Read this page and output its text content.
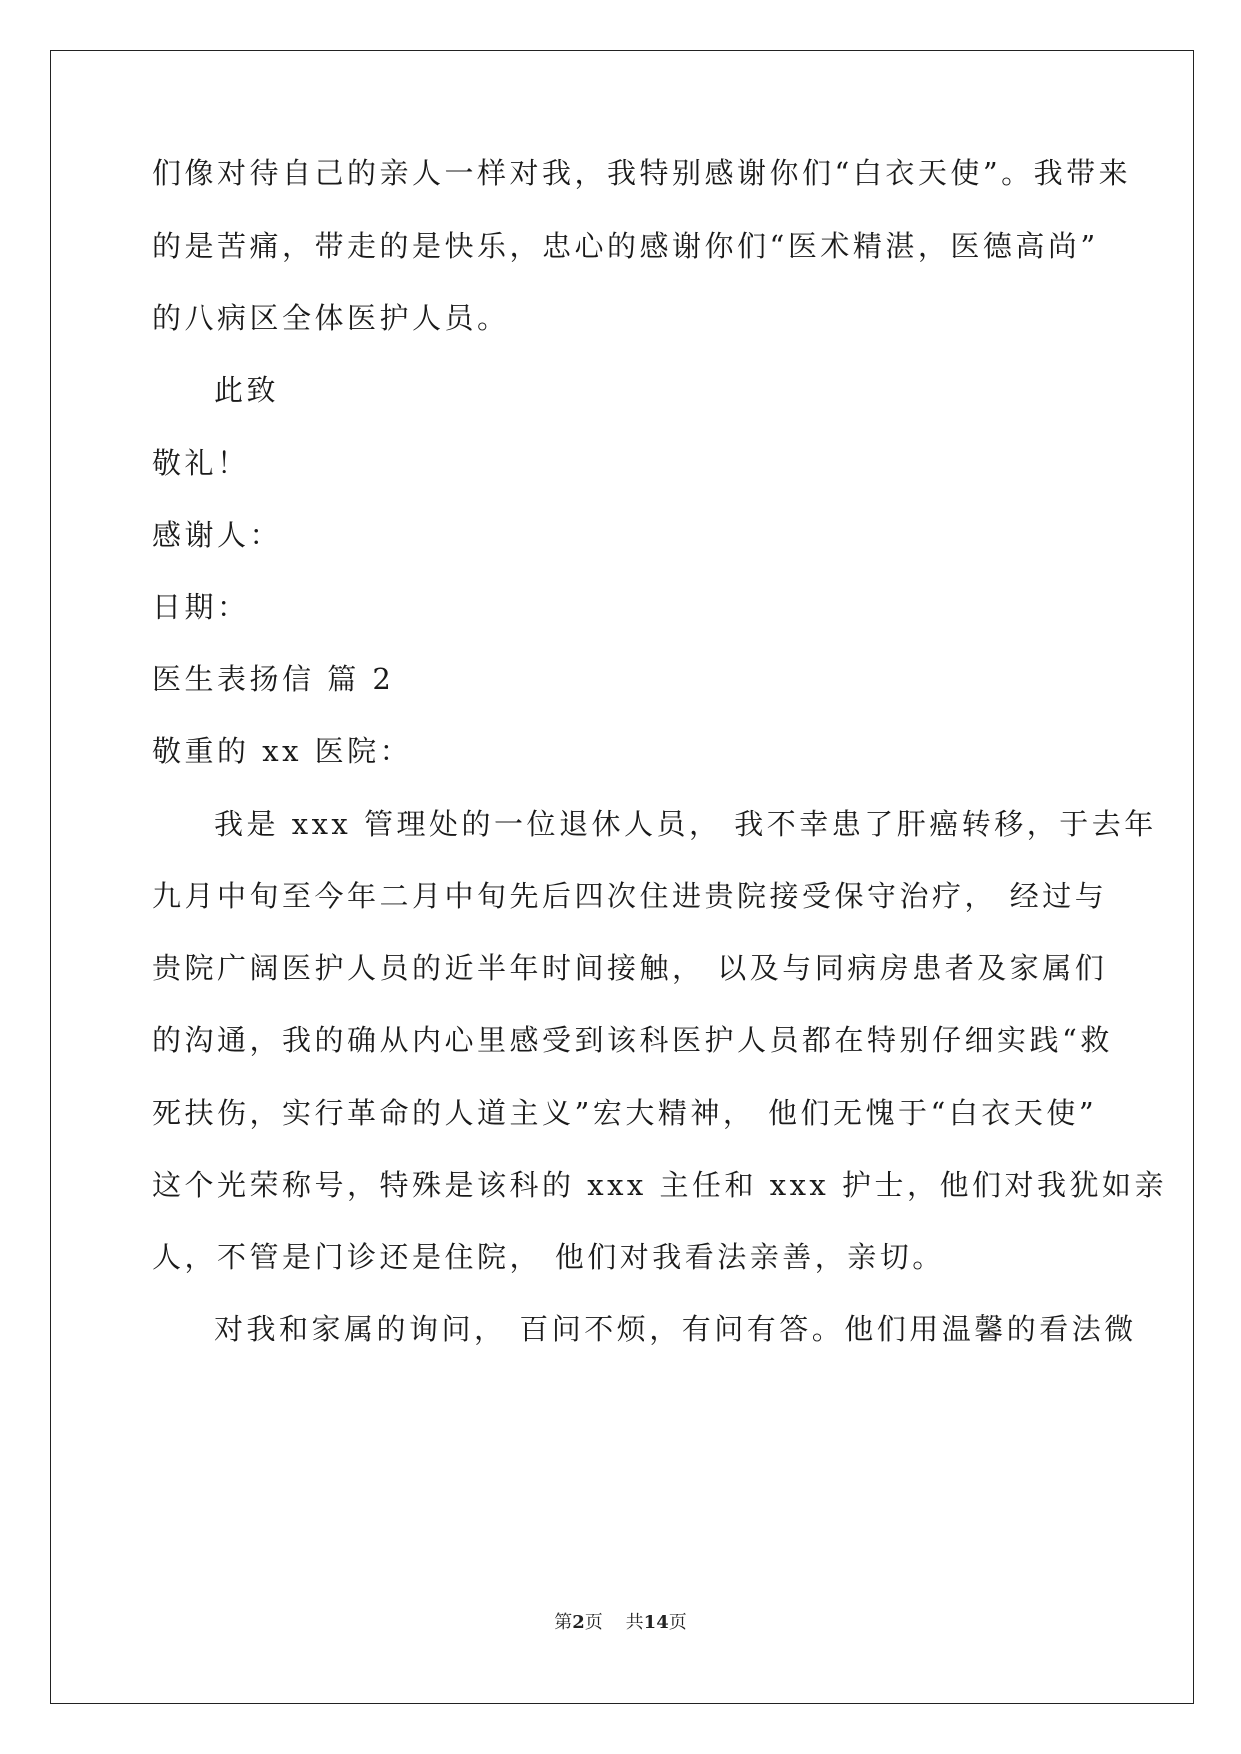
们像对待自己的亲人一样对我，我特别感谢你们“白衣天使”。我带来
的是苦痛，带走的是快乐，忠心的感谢你们“医术精湛，医德高尚”
的八病区全体医护人员。
此致
敬礼！
感谢人：
日期：
医生表扬信 篇 2
敬重的 xx 医院：
我是 xxx 管理处的一位退休人员， 我不幸患了肝癌转移，于去年
九月中旬至今年二月中旬先后四次住进贵院接受保守治疗， 经过与
贵院广阔医护人员的近半年时间接触， 以及与同病房患者及家属们
的沟通，我的确从内心里感受到该科医护人员都在特别仔细实践“救
死扶伤，实行革命的人道主义”宏大精神， 他们无愧于“白衣天使”
这个光荣称号，特殊是该科的 xxx 主任和 xxx 护士，他们对我犹如亲
人，不管是门诊还是住院， 他们对我看法亲善，亲切。
对我和家属的询问， 百问不烦，有问有答。他们用温馨的看法微
第2页    共14页
